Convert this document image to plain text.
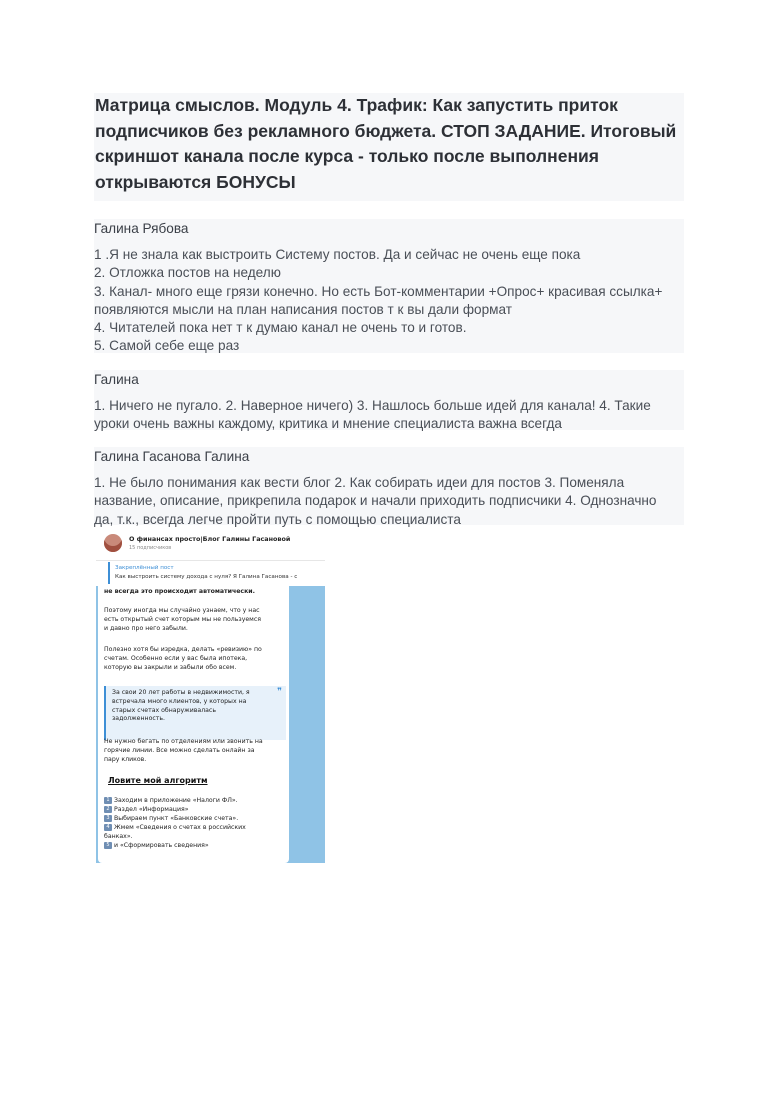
Матрица смыслов. Модуль 4. Трафик: Как запустить приток
подписчиков без рекламного бюджета. СТОП ЗАДАНИЕ. Итоговый
скриншот канала после курса - только после выполнения
открываются БОНУСЫ
Галина Рябова
1 .Я не знала как выстроить Систему постов. Да и сейчас не очень еще пока
2. Отложка постов на неделю
3. Канал- много еще грязи конечно. Но есть Бот-комментарии +Опрос+ красивая ссылка+
появляются мысли на план написания постов т к вы дали формат
4. Читателей пока нет т к думаю канал не очень то и готов.
5. Самой себе еще раз
Галина
1. Ничего не пугало. 2. Наверное ничего) 3. Нашлось больше идей для канала! 4. Такие
уроки очень важны каждому, критика и мнение специалиста важна всегда
Галина Гасанова Галина
1. Не было понимания как вести блог 2. Как собирать идеи для постов 3. Поменяла
название, описание, прикрепила подарок и начали приходить подписчики 4. Однозначно
да, т.к., всегда легче пройти путь с помощью специалиста
О финансах просто|Блог Галины Гасановой
15 подписчиков
Закреплённый пост
Как выстроить систему дохода с нуля? Я Галина Гасанова - с
не всегда это происходит автоматически.
Поэтому иногда мы случайно узнаем, что у нас
есть открытый счет которым мы не пользуемся
и давно про него забыли.
Полезно хотя бы изредка, делать «ревизию» по
счетам. Особенно если у вас была ипотека,
которую вы закрыли и забыли обо всем.
❞
За свои 20 лет работы в недвижимости, я
встречала много клиентов, у которых на
старых счетах обнаруживалась
задолженность.
Не нужно бегать по отделениям или звонить на
горячие линии. Все можно сделать онлайн за
пару кликов.
Ловите мой алгоритм
1 Заходим в приложение «Налоги ФЛ».
2 Раздел «Информация»
3 Выбираем пункт «Банковские счета».
4 Жмем «Сведения о счетах в российских
банках».
5 и «Сформировать сведения»
